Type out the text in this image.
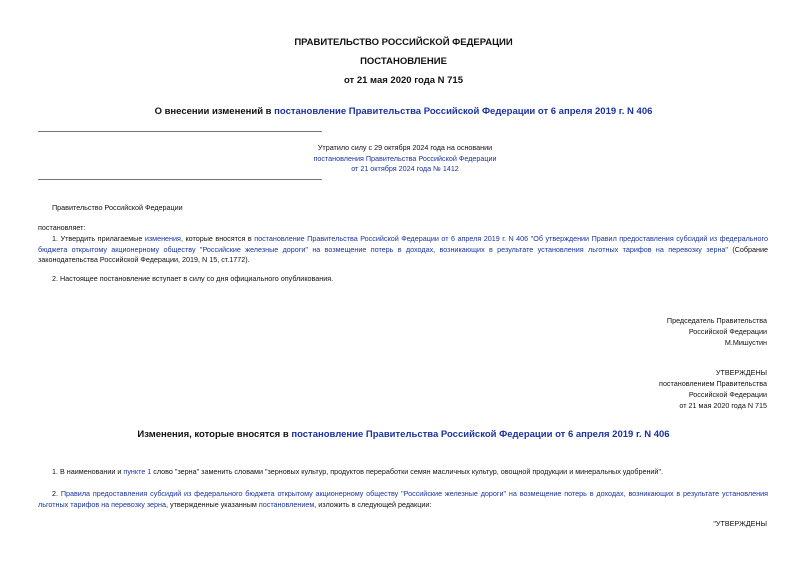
ПРАВИТЕЛЬСТВО РОССИЙСКОЙ ФЕДЕРАЦИИ
ПОСТАНОВЛЕНИЕ
от 21 мая 2020 года N 715
О внесении изменений в постановление Правительства Российской Федерации от 6 апреля 2019 г. N 406
Утратило силу с 29 октября 2024 года на основании
постановления Правительства Российской Федерации
от 21 октября 2024 года № 1412
Правительство Российской Федерации
постановляет:
1. Утвердить прилагаемые изменения, которые вносятся в постановление Правительства Российской Федерации от 6 апреля 2019 г. N 406 "Об утверждении Правил предоставления субсидий из федерального бюджета открытому акционерному обществу "Российские железные дороги" на возмещение потерь в доходах, возникающих в результате установления льготных тарифов на перевозку зерна" (Собрание законодательства Российской Федерации, 2019, N 15, ст.1772).
2. Настоящее постановление вступает в силу со дня официального опубликования.
Председатель Правительства
Российской Федерации
М.Мишустин
УТВЕРЖДЕНЫ
постановлением Правительства
Российской Федерации
от 21 мая 2020 года N 715
Изменения, которые вносятся в постановление Правительства Российской Федерации от 6 апреля 2019 г. N 406
1. В наименовании и пункте 1 слово "зерна" заменить словами "зерновых культур, продуктов переработки семян масличных культур, овощной продукции и минеральных удобрений".
2. Правила предоставления субсидий из федерального бюджета открытому акционерному обществу "Российские железные дороги" на возмещение потерь в доходах, возникающих в результате установления льготных тарифов на перевозку зерна, утвержденные указанным постановлением, изложить в следующей редакции:
"УТВЕРЖДЕНЫ
